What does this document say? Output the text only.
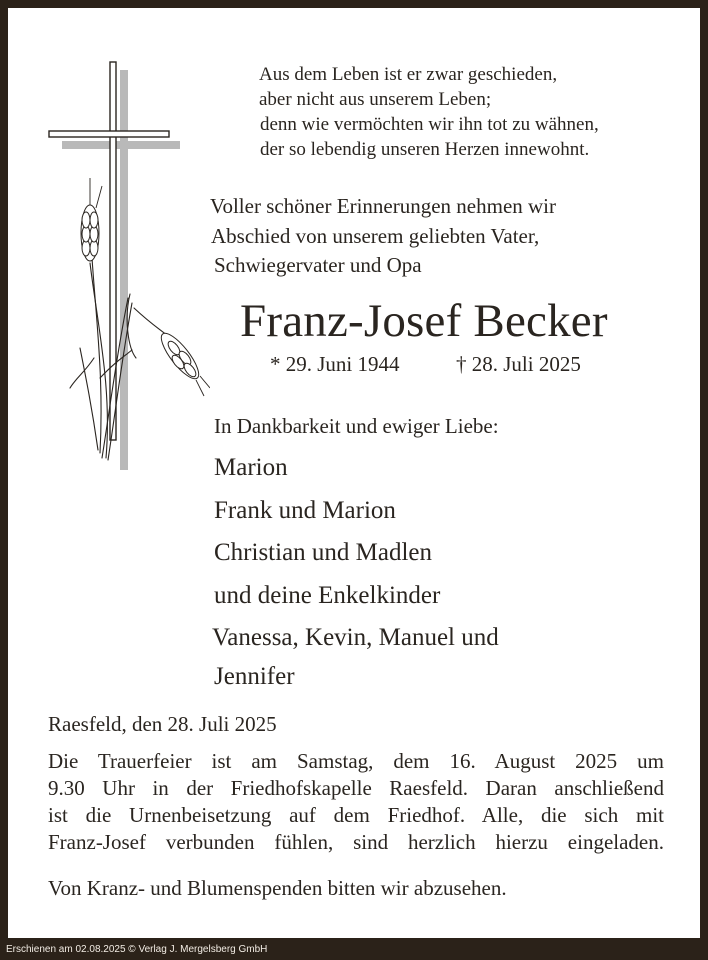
Aus dem Leben ist er zwar geschieden,
aber nicht aus unserem Leben;
denn wie vermöchten wir ihn tot zu wähnen,
der so lebendig unseren Herzen innewohnt.
Voller schöner Erinnerungen nehmen wir
Abschied von unserem geliebten Vater,
Schwiegervater und Opa
Franz-Josef Becker
* 29. Juni 1944	† 28. Juli 2025
In Dankbarkeit und ewiger Liebe:
Marion
Frank und Marion
Christian und Madlen
und deine Enkelkinder
Vanessa, Kevin, Manuel und
Jennifer
Raesfeld, den 28. Juli 2025
Die Trauerfeier ist am Samstag, dem 16. August 2025 um
9.30 Uhr in der Friedhofskapelle Raesfeld. Daran anschließend
ist die Urnenbeisetzung auf dem Friedhof. Alle, die sich mit
Franz-Josef verbunden fühlen, sind herzlich hierzu eingeladen.
Von Kranz- und Blumenspenden bitten wir abzusehen.
Erschienen am 02.08.2025 © Verlag J. Mergelsberg GmbH
